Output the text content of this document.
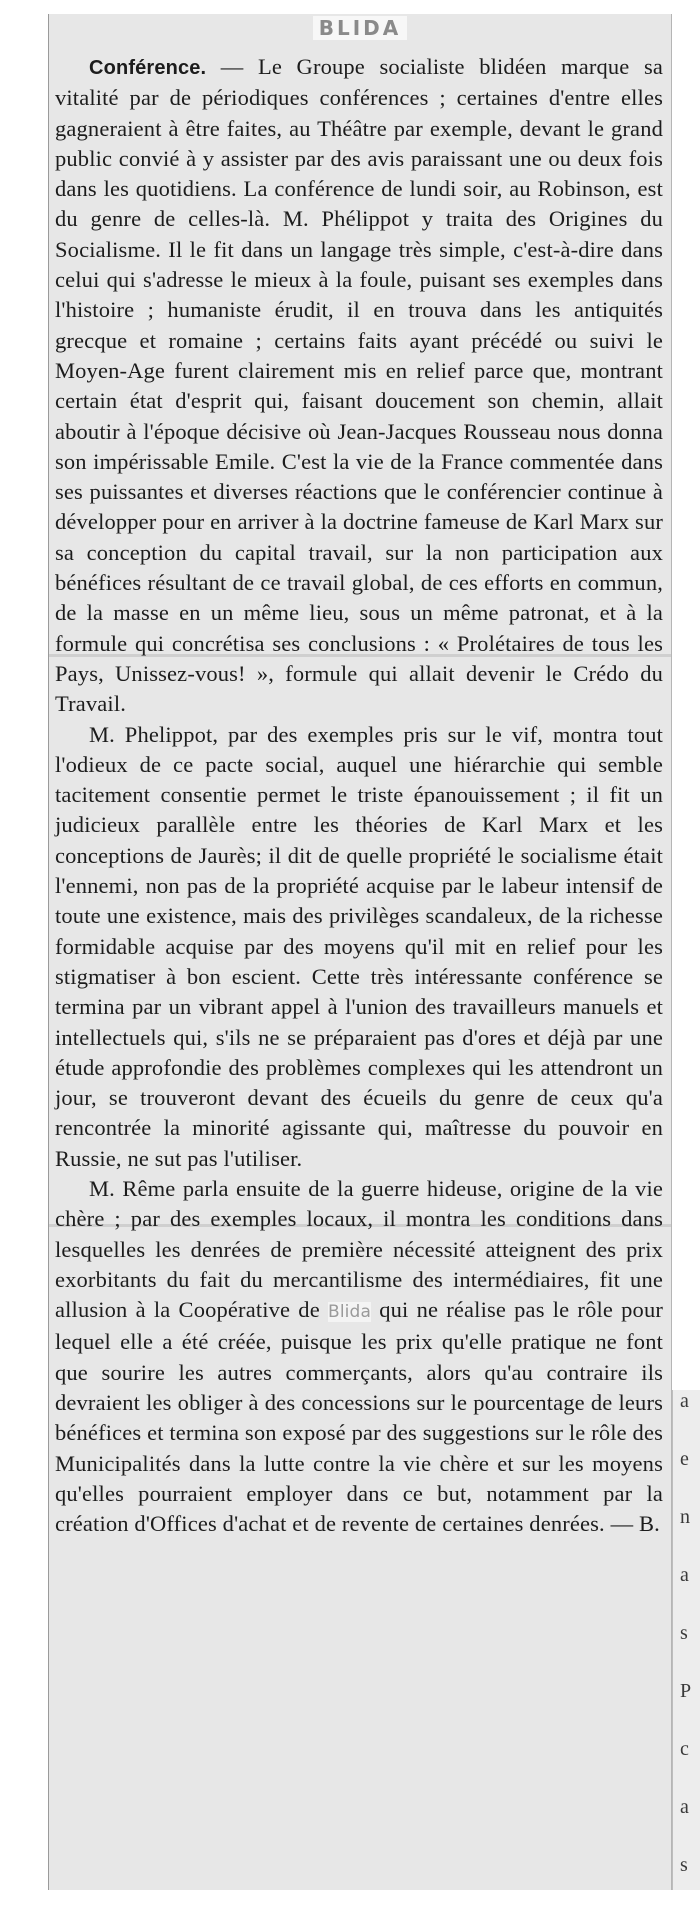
BLIDA

Conférence. — Le Groupe socialiste blidéen marque sa vitalité par de périodiques conférences ; certaines d'entre elles gagneraient à être faites, au Théâtre par exemple, devant le grand public convié à y assister par des avis paraissant une ou deux fois dans les quotidiens. La conférence de lundi soir, au Robinson, est du genre de celles-là. M. Phélippot y traita des Origines du Socialisme. Il le fit dans un langage très simple, c'est-à-dire dans celui qui s'adresse le mieux à la foule, puisant ses exemples dans l'histoire ; humaniste érudit, il en trouva dans les antiquités grecque et romaine ; certains faits ayant précédé ou suivi le Moyen-Age furent clairement mis en relief parce que, montrant certain état d'esprit qui, faisant doucement son chemin, allait aboutir à l'époque décisive où Jean-Jacques Rousseau nous donna son impérissable Emile. C'est la vie de la France commentée dans ses puissantes et diverses réactions que le conférencier continue à développer pour en arriver à la doctrine fameuse de Karl Marx sur sa conception du capital travail, sur la non participation aux bénéfices résultant de ce travail global, de ces efforts en commun, de la masse en un même lieu, sous un même patronat, et à la formule qui concrétisa ses conclusions : « Prolétaires de tous les Pays, Unissez-vous! », formule qui allait devenir le Crédo du Travail.

M. Phelippot, par des exemples pris sur le vif, montra tout l'odieux de ce pacte social, auquel une hiérarchie qui semble tacitement consentie permet le triste épanouissement ; il fit un judicieux parallèle entre les théories de Karl Marx et les conceptions de Jaurès; il dit de quelle propriété le socialisme était l'ennemi, non pas de la propriété acquise par le labeur intensif de toute une existence, mais des privilèges scandaleux, de la richesse formidable acquise par des moyens qu'il mit en relief pour les stigmatiser à bon escient. Cette très intéressante conférence se termina par un vibrant appel à l'union des travailleurs manuels et intellectuels qui, s'ils ne se préparaient pas d'ores et déjà par une étude approfondie des problèmes complexes qui les attendront un jour, se trouveront devant des écueils du genre de ceux qu'a rencontrée la minorité agissante qui, maîtresse du pouvoir en Russie, ne sut pas l'utiliser.

M. Rême parla ensuite de la guerre hideuse, origine de la vie chère ; par des exemples locaux, il montra les conditions dans lesquelles les denrées de première nécessité atteignent des prix exorbitants du fait du mercantilisme des intermédiaires, fit une allusion à la Coopérative de Blida qui ne réalise pas le rôle pour lequel elle a été créée, puisque les prix qu'elle pratique ne font que sourire les autres commerçants, alors qu'au contraire ils devraient les obliger à des concessions sur le pourcentage de leurs bénéfices et termina son exposé par des suggestions sur le rôle des Municipalités dans la lutte contre la vie chère et sur les moyens qu'elles pourraient employer dans ce but, notamment par la création d'Offices d'achat et de revente de certaines denrées. — B.

a
e
n
a
s
P
c
a
s
